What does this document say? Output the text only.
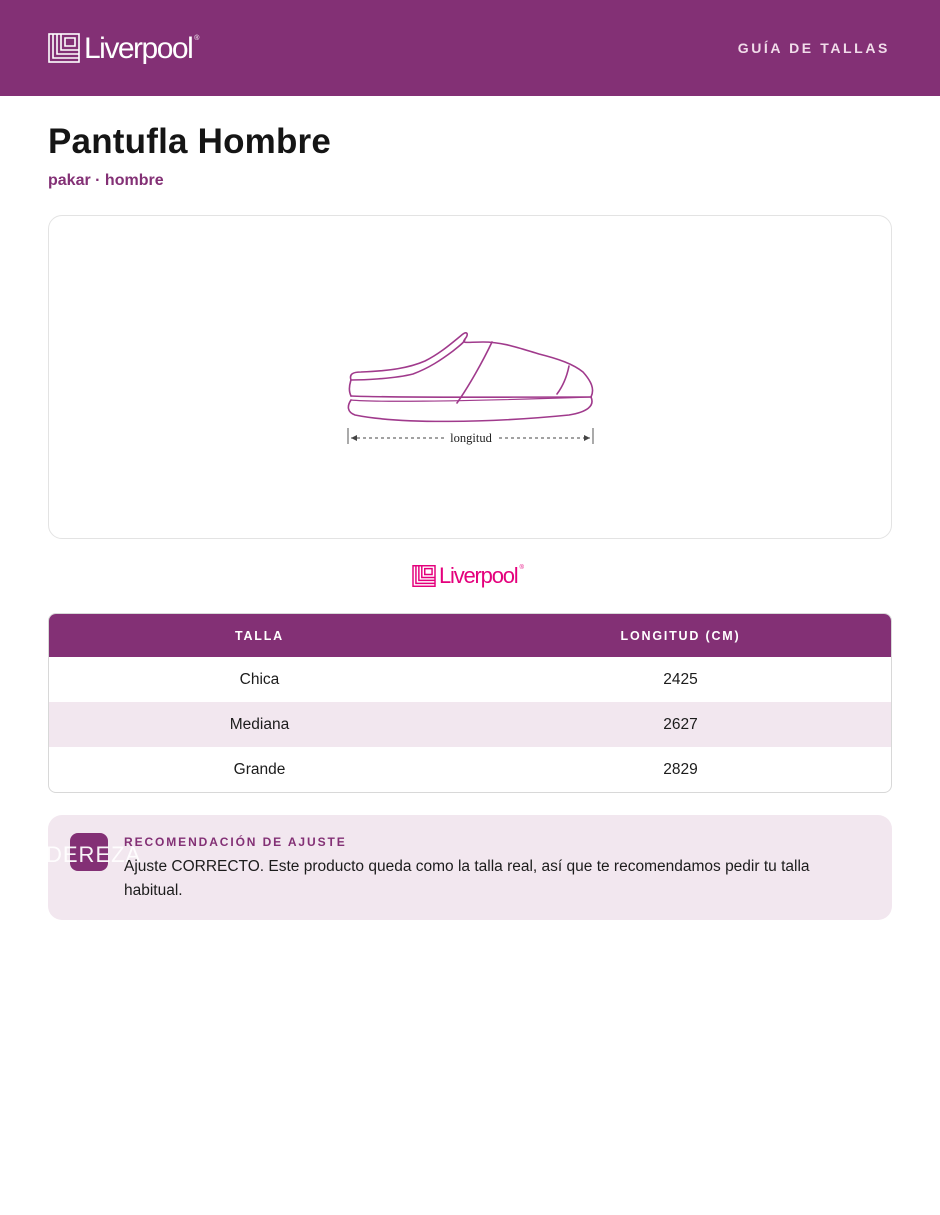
Liverpool ®
GUÍA DE TALLAS
Pantufla Hombre
pakar · hombre
longitud
Liverpool ®
TALLA	LONGITUD (CM)
Chica	2425
Mediana	2627
Grande	2829
DEREZA
RECOMENDACIÓN DE AJUSTE
Ajuste CORRECTO. Este producto queda como la talla real, así que te recomendamos pedir tu talla habitual.
